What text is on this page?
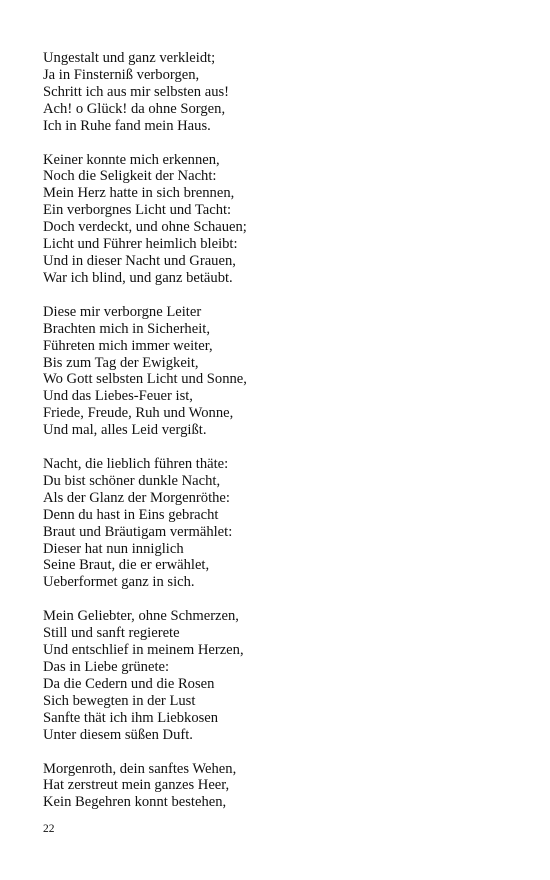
Ungestalt und ganz verkleidt;
Ja in Finsterniß verborgen,
Schritt ich aus mir selbsten aus!
Ach! o Glück! da ohne Sorgen,
Ich in Ruhe fand mein Haus.
Keiner konnte mich erkennen,
Noch die Seligkeit der Nacht:
Mein Herz hatte in sich brennen,
Ein verborgnes Licht und Tacht:
Doch verdeckt, und ohne Schauen;
Licht und Führer heimlich bleibt:
Und in dieser Nacht und Grauen,
War ich blind, und ganz betäubt.
Diese mir verborgne Leiter
Brachten mich in Sicherheit,
Führeten mich immer weiter,
Bis zum Tag der Ewigkeit,
Wo Gott selbsten Licht und Sonne,
Und das Liebes-Feuer ist,
Friede, Freude, Ruh und Wonne,
Und mal, alles Leid vergißt.
Nacht, die lieblich führen thäte:
Du bist schöner dunkle Nacht,
Als der Glanz der Morgenröthe:
Denn du hast in Eins gebracht
Braut und Bräutigam vermählet:
Dieser hat nun inniglich
Seine Braut, die er erwählet,
Ueberformet ganz in sich.
Mein Geliebter, ohne Schmerzen,
Still und sanft regierete
Und entschlief in meinem Herzen,
Das in Liebe grünete:
Da die Cedern und die Rosen
Sich bewegten in der Lust
Sanfte thät ich ihm Liebkosen
Unter diesem süßen Duft.
Morgenroth, dein sanftes Wehen,
Hat zerstreut mein ganzes Heer,
Kein Begehren konnt bestehen,
22
